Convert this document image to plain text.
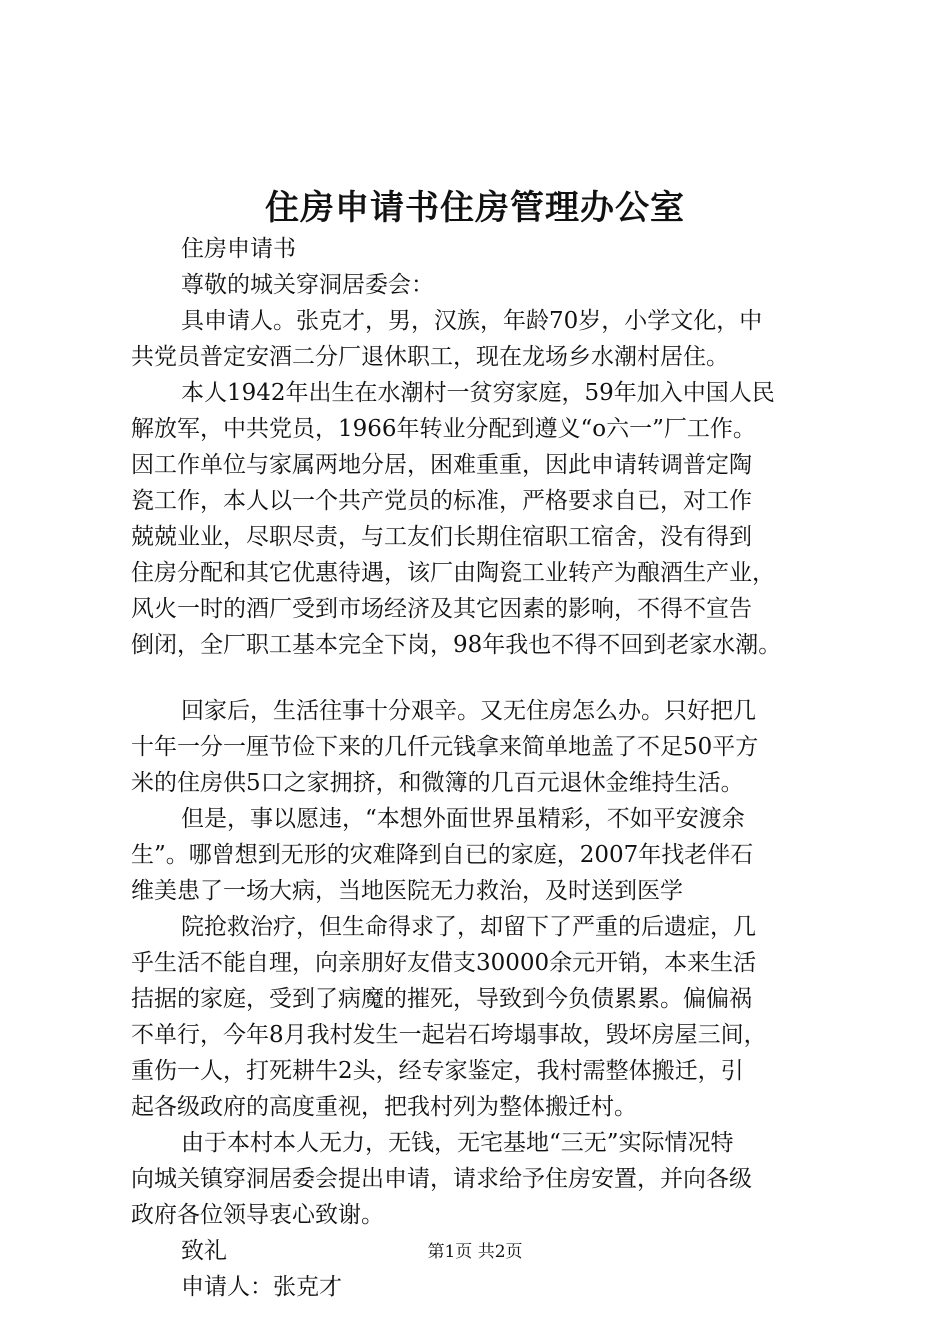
住房申请书住房管理办公室
住房申请书
尊敬的城关穿洞居委会：
具申请人。张克才，男，汉族，年龄70岁，小学文化，中
共党员普定安酒二分厂退休职工，现在龙场乡水潮村居住。
本人1942年出生在水潮村一贫穷家庭，59年加入中国人民
解放军，中共党员，1966年转业分配到遵义“o六一”厂工作。
因工作单位与家属两地分居，困难重重，因此申请转调普定陶
瓷工作，本人以一个共产党员的标准，严格要求自已，对工作
兢兢业业，尽职尽责，与工友们长期住宿职工宿舍，没有得到
住房分配和其它优惠待遇，该厂由陶瓷工业转产为酿酒生产业，
风火一时的酒厂受到市场经济及其它因素的影响，不得不宣告
倒闭，全厂职工基本完全下岗，98年我也不得不回到老家水潮。
回家后，生活往事十分艰辛。又无住房怎么办。只好把几
十年一分一厘节俭下来的几仟元钱拿来简单地盖了不足50平方
米的住房供5口之家拥挤，和微簿的几百元退休金维持生活。
但是，事以愿违，“本想外面世界虽精彩，不如平安渡余
生”。哪曾想到无形的灾难降到自已的家庭，2007年找老伴石
维美患了一场大病，当地医院无力救治，及时送到医学
院抢救治疗，但生命得求了，却留下了严重的后遗症，几
乎生活不能自理，向亲朋好友借支30000余元开销，本来生活
拮据的家庭，受到了病魔的摧死，导致到今负债累累。偏偏祸
不单行，今年8月我村发生一起岩石垮塌事故，毁坏房屋三间，
重伤一人，打死耕牛2头，经专家鉴定，我村需整体搬迁，引
起各级政府的高度重视，把我村列为整体搬迁村。
由于本村本人无力，无钱，无宅基地“三无”实际情况特
向城关镇穿洞居委会提出申请，请求给予住房安置，并向各级
政府各位领导衷心致谢。
致礼
申请人：张克才
第1页 共2页
